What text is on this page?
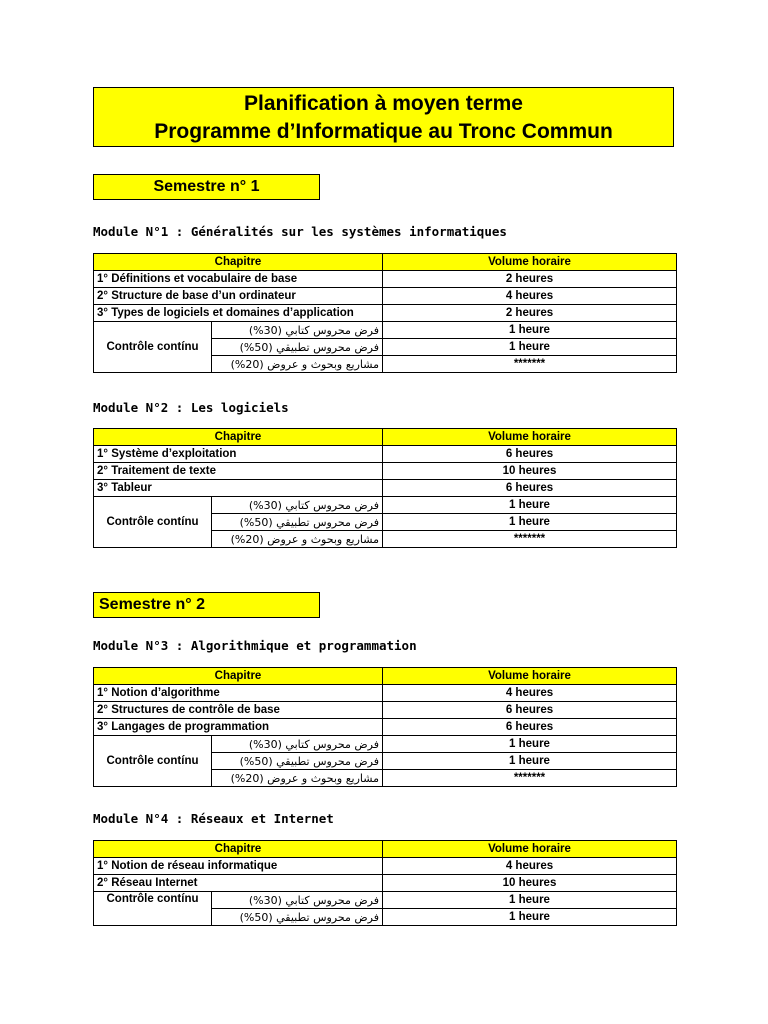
Planification à moyen terme
Programme d’Informatique au Tronc Commun
Semestre n° 1
Module N°1 : Généralités sur les systèmes informatiques
Chapitre		Volume horaire
1° Définitions et vocabulaire de base		2 heures
2° Structure de base d’un ordinateur		4 heures
3° Types de logiciels et domaines d’application		2 heures
Contrôle contínu	فرض محروس كتابي (30%)	1 heure
	فرض محروس تطبيقي (50%)	1 heure
	مشاريع وبحوث و عروض (20%)	*******
Module N°2 : Les logiciels
Chapitre		Volume horaire
1° Système d’exploitation		6 heures
2° Traitement de texte		10 heures
3° Tableur		6 heures
Contrôle contínu	فرض محروس كتابي (30%)	1 heure
	فرض محروس تطبيقي (50%)	1 heure
	مشاريع وبحوث و عروض (20%)	*******
Semestre n° 2
Module N°3 : Algorithmique et programmation
Chapitre		Volume horaire
1° Notion d’algorithme		4 heures
2° Structures de contrôle de base		6 heures
3° Langages de programmation		6 heures
Contrôle contínu	فرض محروس كتابي (30%)	1 heure
	فرض محروس تطبيقي (50%)	1 heure
	مشاريع وبحوث و عروض (20%)	*******
Module N°4 : Réseaux et Internet
Chapitre		Volume horaire
1° Notion de réseau informatique		4 heures
2° Réseau Internet		10 heures
Contrôle contínu	فرض محروس كتابي (30%)	1 heure
	فرض محروس تطبيقي (50%)	1 heure
